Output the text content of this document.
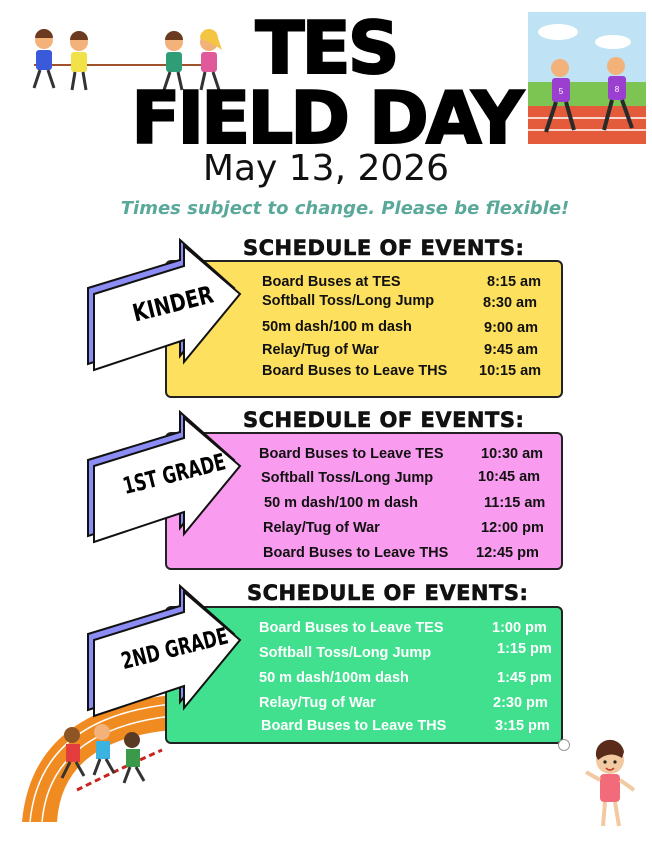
5	8
TES
FIELD DAY
May 13, 2026
Times subject to change. Please be flexible!
SCHEDULE OF EVENTS:
Board Buses at TES	8:15 am
Softball Toss/Long Jump	8:30 am
50m dash/100 m dash	9:00 am
Relay/Tug of War	9:45 am
Board Buses to Leave THS 10:15 am
KINDER
SCHEDULE OF EVENTS:
Board Buses to Leave TES	10:30 am
Softball Toss/Long Jump	10:45 am
50 m dash/100 m dash	11:15 am
Relay/Tug of War	12:00 pm
Board Buses to Leave THS 12:45 pm
1ST GRADE
SCHEDULE OF EVENTS:
Board Buses to Leave TES	1:00 pm
Softball Toss/Long Jump	1:15 pm
50 m dash/100m dash	1:45 pm
Relay/Tug of War	2:30 pm
Board Buses to Leave THS	3:15 pm
2ND GRADE
